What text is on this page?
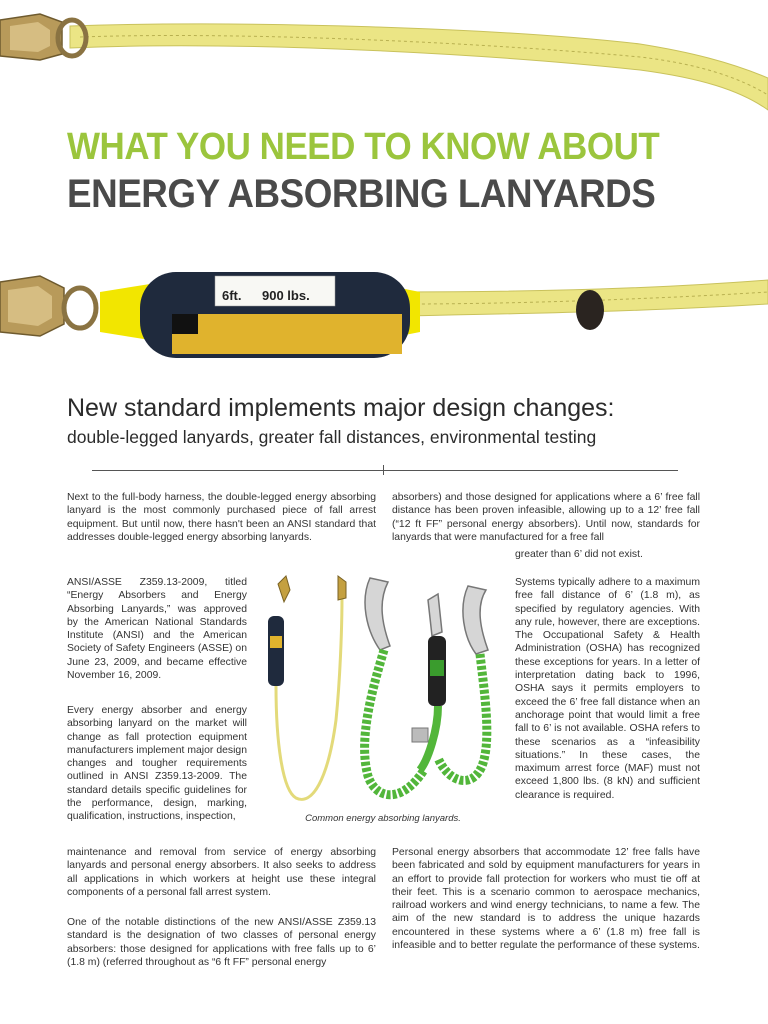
WHAT YOU NEED TO KNOW ABOUT
ENERGY ABSORBING LANYARDS
6ft. 900 lbs.
New standard implements major design changes:
double-legged lanyards, greater fall distances, environmental testing
Next to the full-body harness, the double-legged energy absorbing lanyard is the most commonly purchased piece of fall arrest equipment. But until now, there hasn't been an ANSI standard that addresses double-legged energy absorbing lanyards.
ANSI/ASSE Z359.13-2009, titled “Energy Absorbers and Energy Absorbing Lanyards,” was approved by the American National Standards Institute (ANSI) and the American Society of Safety Engineers (ASSE) on June 23, 2009, and became effective November 16, 2009.
Every energy absorber and energy absorbing lanyard on the market will change as fall protection equipment manufacturers implement major design changes and tougher requirements outlined in ANSI Z359.13-2009. The standard details specific guidelines for the performance, design, marking, qualification, instructions, inspection,
maintenance and removal from service of energy absorbing lanyards and personal energy absorbers. It also seeks to address all applications in which workers at height use these integral components of a personal fall arrest system.
One of the notable distinctions of the new ANSI/ASSE Z359.13 standard is the designation of two classes of personal energy absorbers: those designed for applications with free falls up to 6’ (1.8 m) (referred throughout as “6 ft FF” personal energy
absorbers) and those designed for applications where a 6’ free fall distance has been proven infeasible, allowing up to a 12’ free fall (“12 ft FF” personal energy absorbers). Until now, standards for lanyards that were manufactured for a free fall
greater than 6’ did not exist.
Systems typically adhere to a maximum free fall distance of 6’ (1.8 m), as specified by regulatory agencies. With any rule, however, there are exceptions. The Occupational Safety & Health Administration (OSHA) has recognized these exceptions for years. In a letter of interpretation dating back to 1996, OSHA says it permits employers to exceed the 6’ free fall distance when an anchorage point that would limit a free fall to 6’ is not available. OSHA refers to these scenarios as a “infeasibility situations.” In these cases, the maximum arrest force (MAF) must not exceed 1,800 lbs. (8 kN) and sufficient clearance is required.
Personal energy absorbers that accommodate 12’ free falls have been fabricated and sold by equipment manufacturers for years in an effort to provide fall protection for workers who must tie off at their feet. This is a scenario common to aerospace mechanics, railroad workers and wind energy technicians, to name a few. The aim of the new standard is to address the unique hazards encountered in these systems where a 6’ (1.8 m) free fall is infeasible and to better regulate the performance of these systems.
Common energy absorbing lanyards.
